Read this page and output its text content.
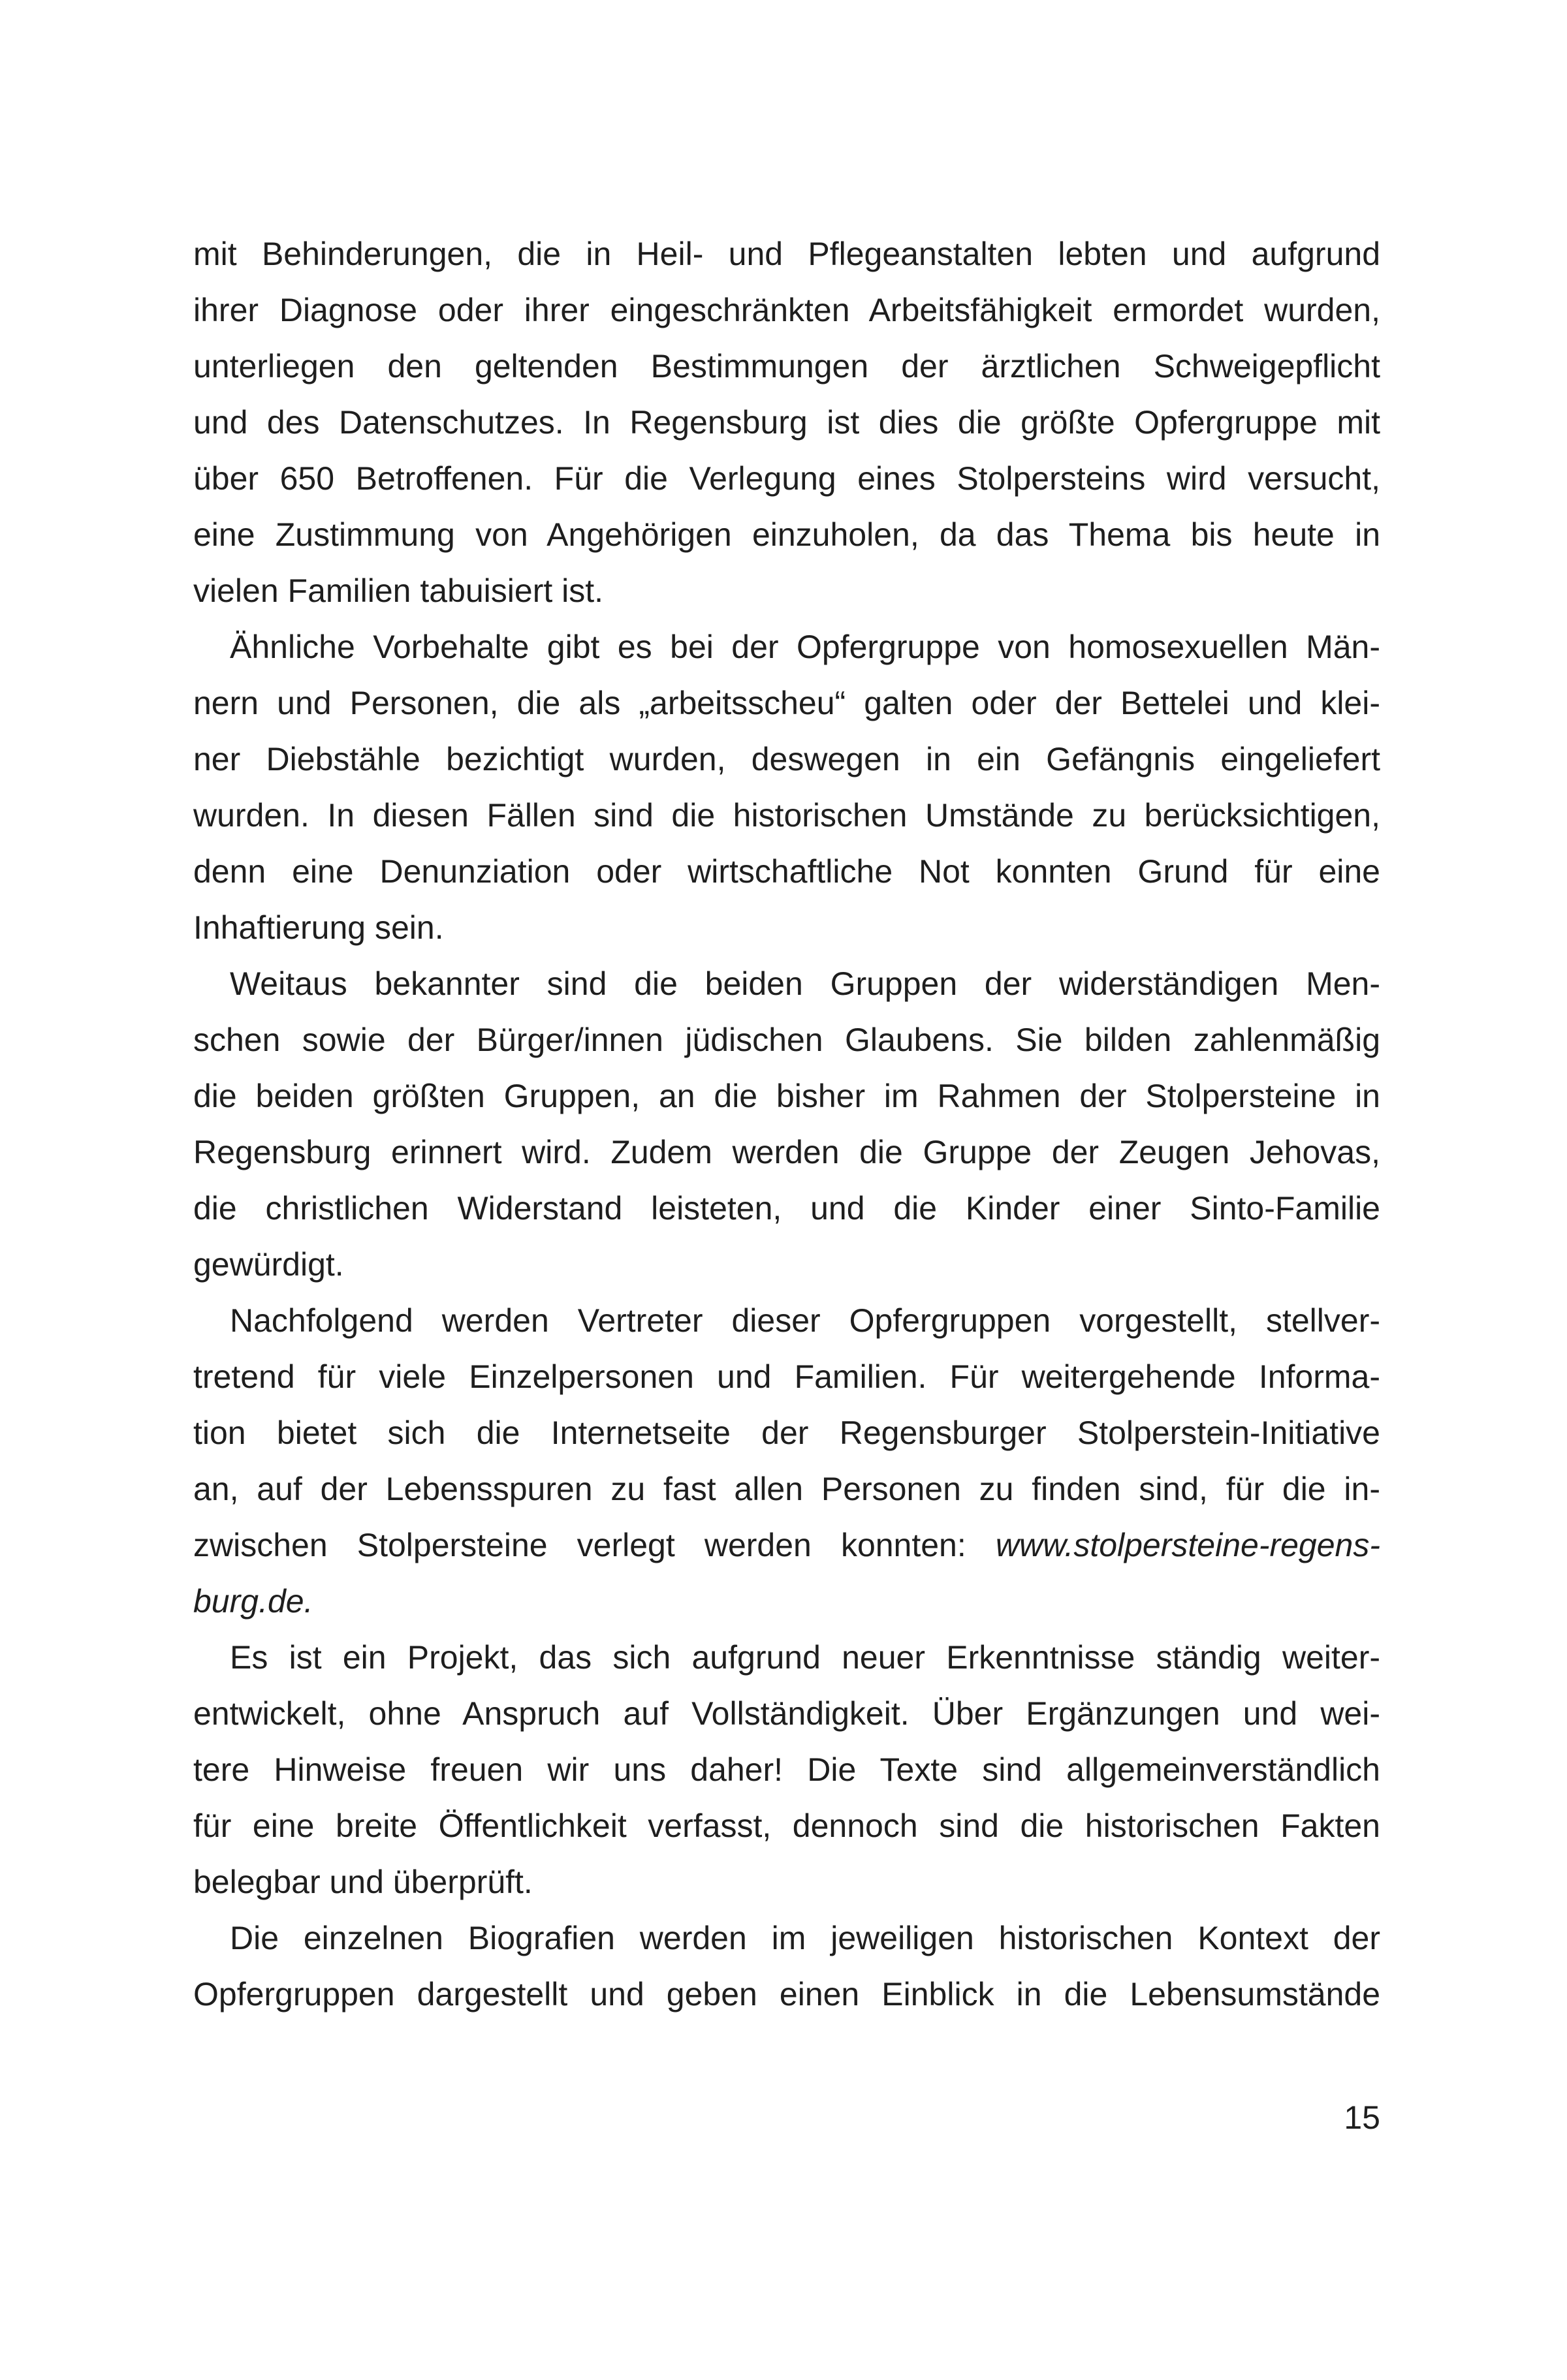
mit Behinderungen, die in Heil- und Pflegeanstalten lebten und aufgrund
ihrer Diagnose oder ihrer eingeschränkten Arbeitsfähigkeit ermordet wurden,
unterliegen den geltenden Bestimmungen der ärztlichen Schweigepflicht
und des Datenschutzes. In Regensburg ist dies die größte Opfergruppe mit
über 650 Betroffenen. Für die Verlegung eines Stolpersteins wird versucht,
eine Zustimmung von Angehörigen einzuholen, da das Thema bis heute in
vielen Familien tabuisiert ist.
Ähnliche Vorbehalte gibt es bei der Opfergruppe von homosexuellen Män-
nern und Personen, die als „arbeitsscheu“ galten oder der Bettelei und klei-
ner Diebstähle bezichtigt wurden, deswegen in ein Gefängnis eingeliefert
wurden. In diesen Fällen sind die historischen Umstände zu berücksichtigen,
denn eine Denunziation oder wirtschaftliche Not konnten Grund für eine
Inhaftierung sein.
Weitaus bekannter sind die beiden Gruppen der widerständigen Men-
schen sowie der Bürger/innen jüdischen Glaubens. Sie bilden zahlenmäßig
die beiden größten Gruppen, an die bisher im Rahmen der Stolpersteine in
Regensburg erinnert wird. Zudem werden die Gruppe der Zeugen Jehovas,
die christlichen Widerstand leisteten, und die Kinder einer Sinto-Familie
gewürdigt.
Nachfolgend werden Vertreter dieser Opfergruppen vorgestellt, stellver-
tretend für viele Einzelpersonen und Familien. Für weitergehende Informa-
tion bietet sich die Internetseite der Regensburger Stolperstein-Initiative
an, auf der Lebensspuren zu fast allen Personen zu finden sind, für die in-
zwischen Stolpersteine verlegt werden konnten: www.stolpersteine-regens-
burg.de.
Es ist ein Projekt, das sich aufgrund neuer Erkenntnisse ständig weiter-
entwickelt, ohne Anspruch auf Vollständigkeit. Über Ergänzungen und wei-
tere Hinweise freuen wir uns daher! Die Texte sind allgemeinverständlich
für eine breite Öffentlichkeit verfasst, dennoch sind die historischen Fakten
belegbar und überprüft.
Die einzelnen Biografien werden im jeweiligen historischen Kontext der
Opfergruppen dargestellt und geben einen Einblick in die Lebensumstände
15
